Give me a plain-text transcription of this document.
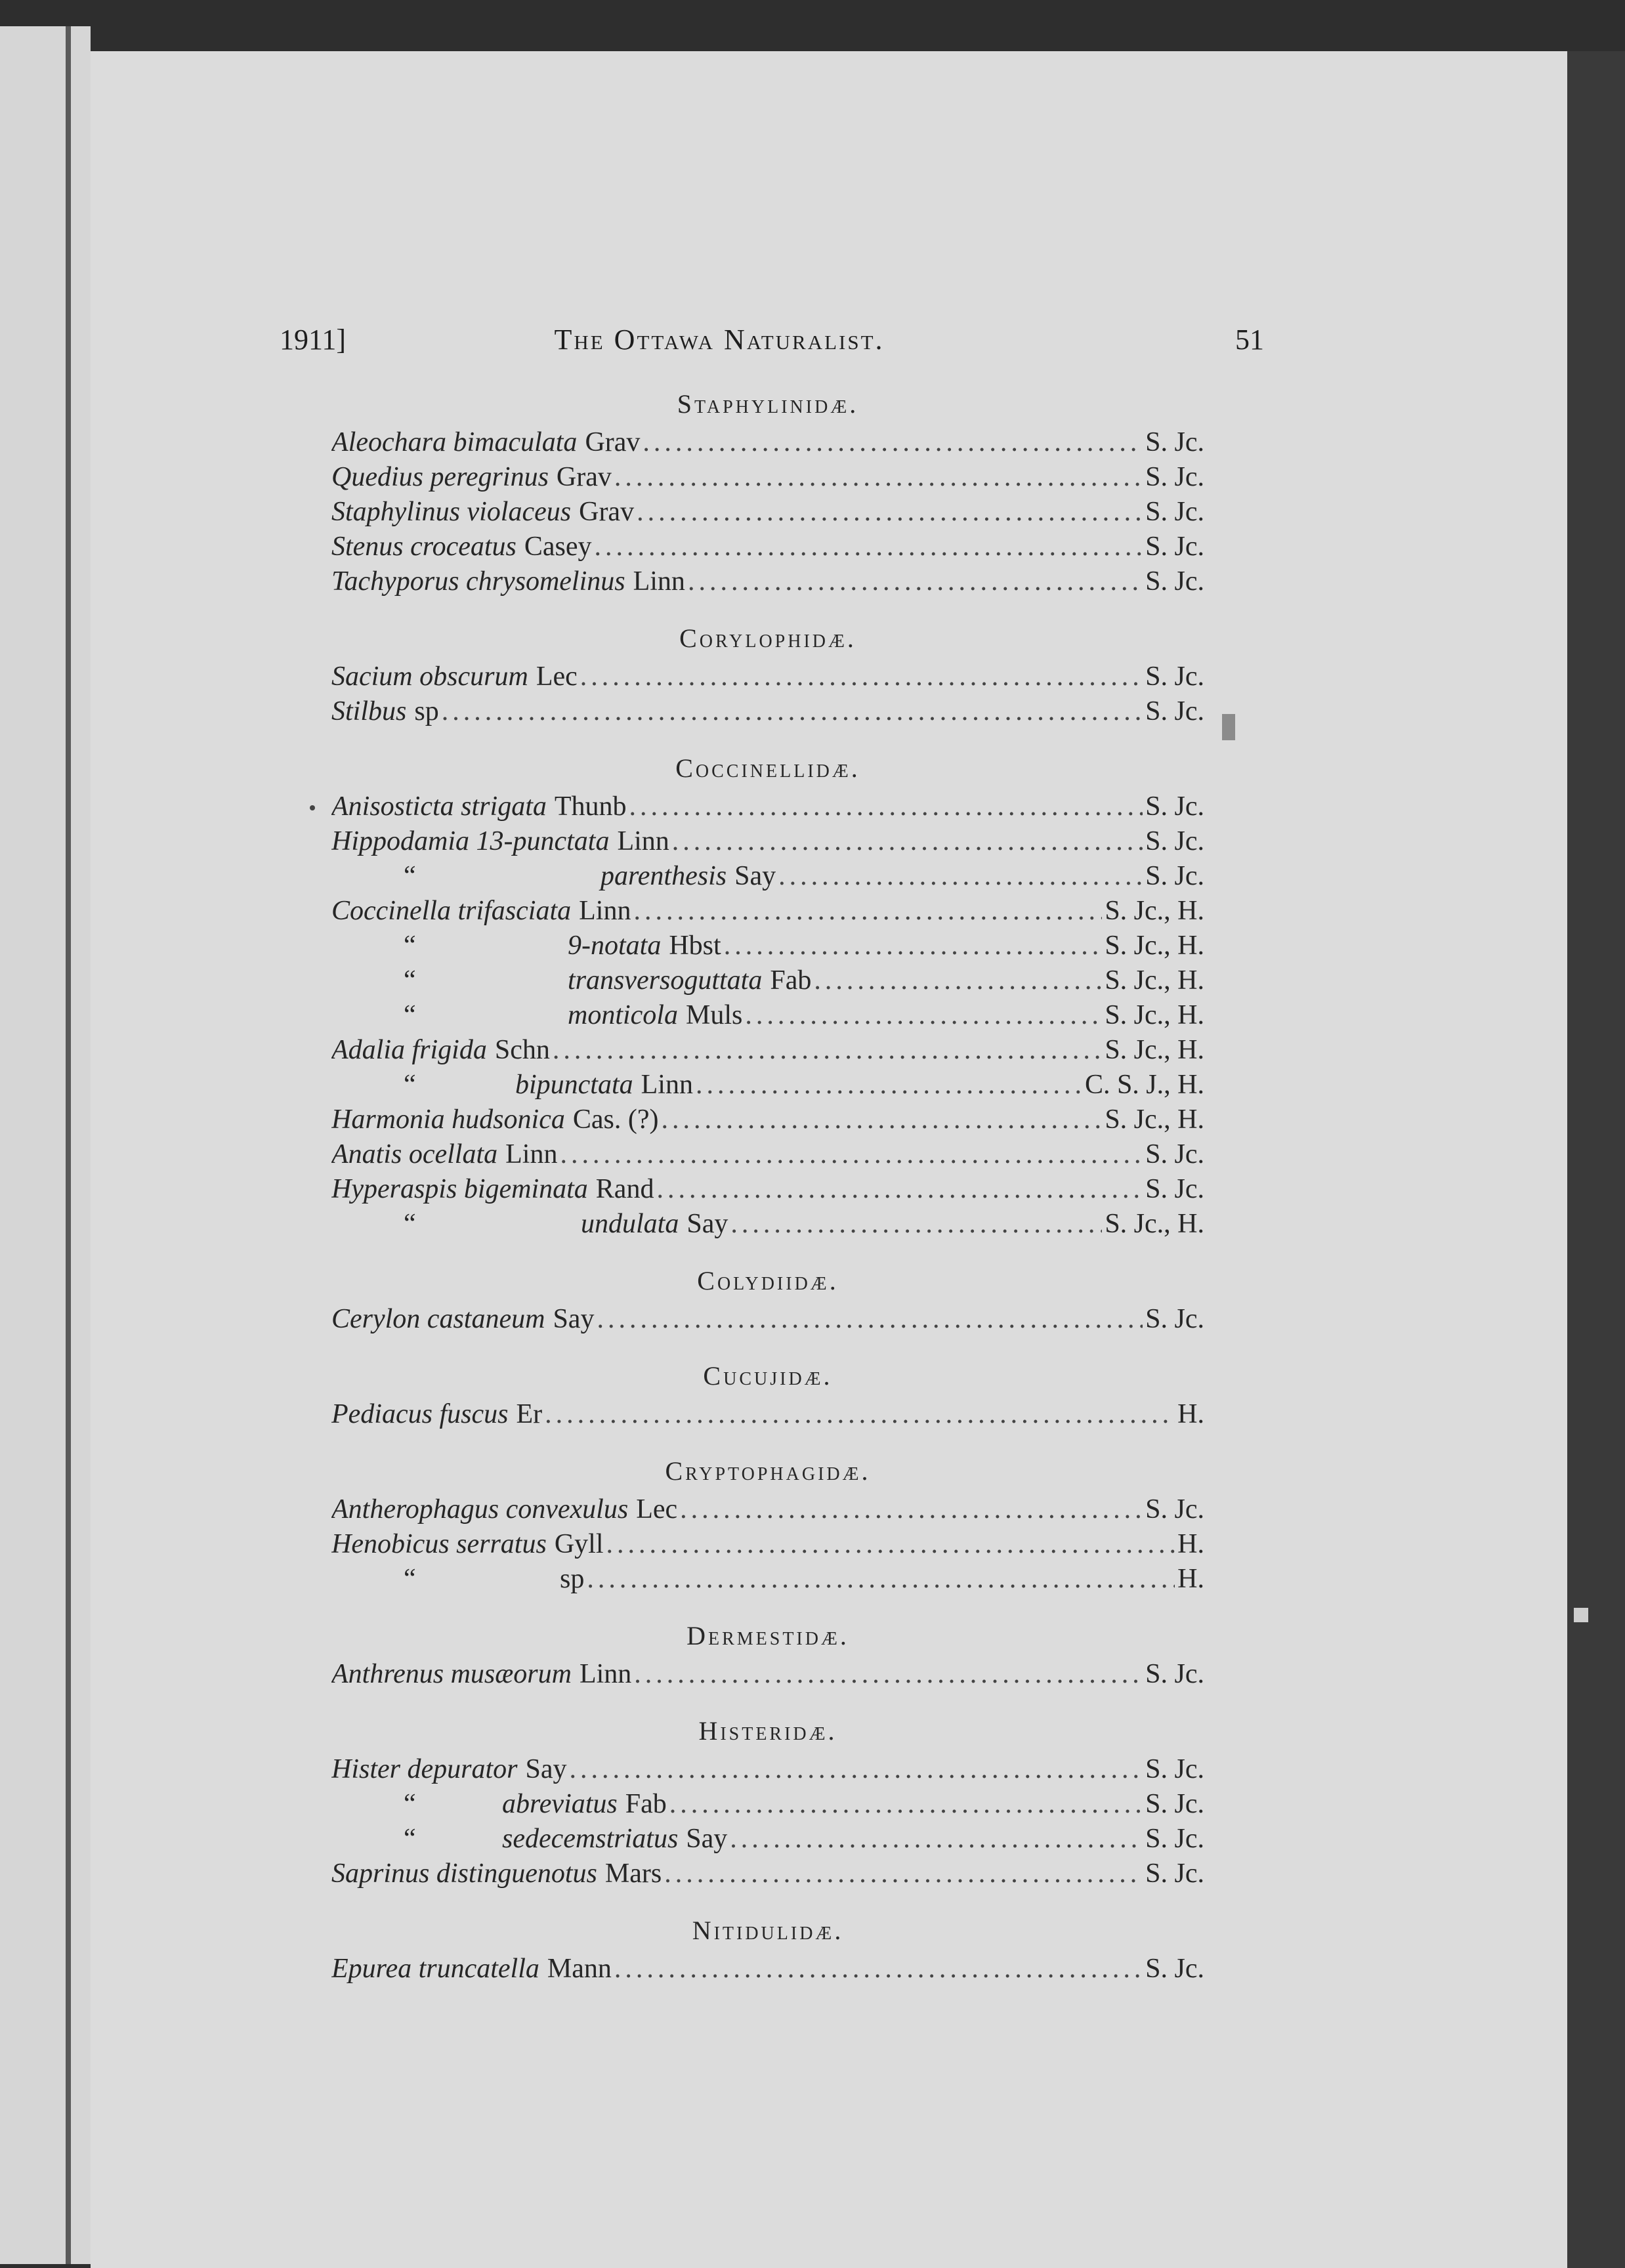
1911]	The Ottawa Naturalist.	51
Staphylinidæ.
Aleochara bimaculata Grav .....	S. Jc.
Quedius peregrinus Grav .....	S. Jc.
Staphylinus violaceus Grav .....	S. Jc.
Stenus croceatus Casey .....	S. Jc.
Tachyporus chrysomelinus Linn .....	S. Jc.
Corylophidæ.
Sacium obscurum Lec .....	S. Jc.
Stilbus sp .....	S. Jc.
Coccinellidæ.
Anisosticta strigata Thunb .....	S. Jc.
Hippodamia 13-punctata Linn .....	S. Jc.
“	parenthesis Say .....	S. Jc.
Coccinella trifasciata Linn .....	S. Jc., H.
“	9-notata Hbst .....	S. Jc., H.
“	transversoguttata Fab .....	S. Jc., H.
“	monticola Muls .....	S. Jc., H.
Adalia frigida Schn .....	S. Jc., H.
“	bipunctata Linn .....	C. S. J., H.
Harmonia hudsonica Cas. (?) .....	S. Jc., H.
Anatis ocellata Linn .....	S. Jc.
Hyperaspis bigeminata Rand .....	S. Jc.
“	undulata Say .....	S. Jc., H.
Colydiidæ.
Cerylon castaneum Say .....	S. Jc.
Cucujidæ.
Pediacus fuscus Er .....	H.
Cryptophagidæ.
Antherophagus convexulus Lec .....	S. Jc.
Henobicus serratus Gyll .....	H.
“	sp .....	H.
Dermestidæ.
Anthrenus musæorum Linn .....	S. Jc.
Histeridæ.
Hister depurator Say .....	S. Jc.
“	abreviatus Fab .....	S. Jc.
“	sedecemstriatus Say .....	S. Jc.
Saprinus distinguenotus Mars .....	S. Jc.
Nitidulidæ.
Epurea truncatella Mann .....	S. Jc.
